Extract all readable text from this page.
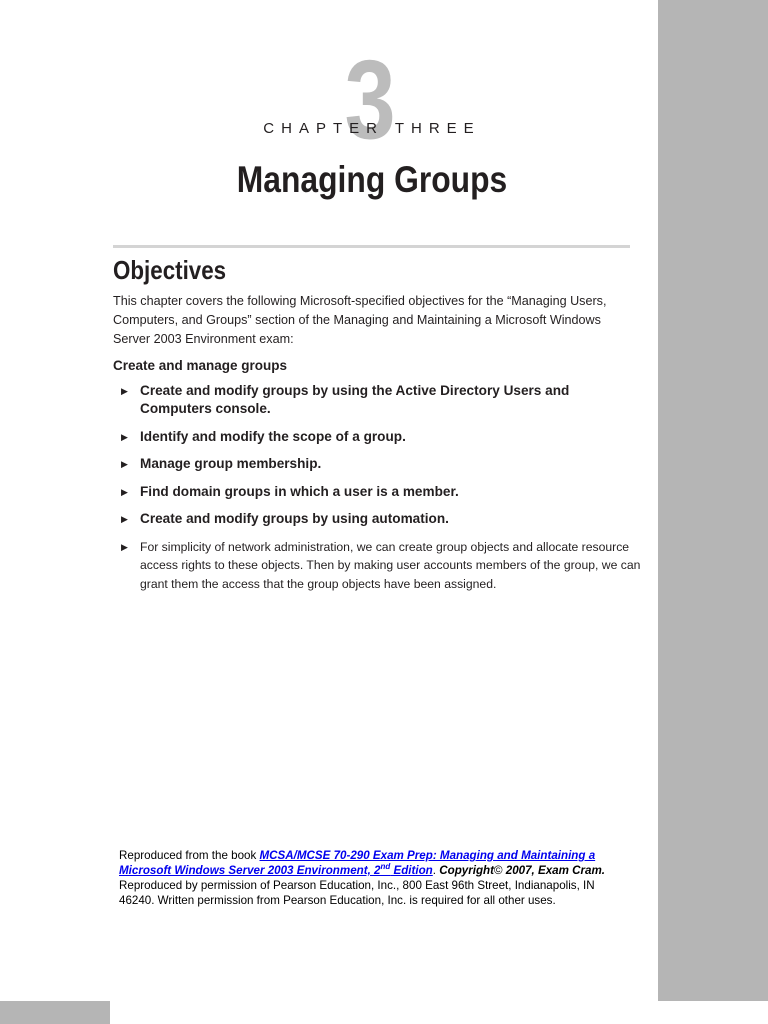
3
CHAPTER THREE
Managing Groups
Objectives
This chapter covers the following Microsoft-specified objectives for the “Managing Users, Computers, and Groups” section of the Managing and Maintaining a Microsoft Windows Server 2003 Environment exam:
Create and manage groups
▶ Create and modify groups by using the Active Directory Users and Computers console.
▶ Identify and modify the scope of a group.
▶ Manage group membership.
▶ Find domain groups in which a user is a member.
▶ Create and modify groups by using automation.
▶ For simplicity of network administration, we can create group objects and allocate resource access rights to these objects. Then by making user accounts members of the group, we can grant them the access that the group objects have been assigned.
Reproduced from the book MCSA/MCSE 70-290 Exam Prep: Managing and Maintaining a Microsoft Windows Server 2003 Environment, 2nd Edition. Copyright© 2007, Exam Cram. Reproduced by permission of Pearson Education, Inc., 800 East 96th Street, Indianapolis, IN 46240. Written permission from Pearson Education, Inc. is required for all other uses.
